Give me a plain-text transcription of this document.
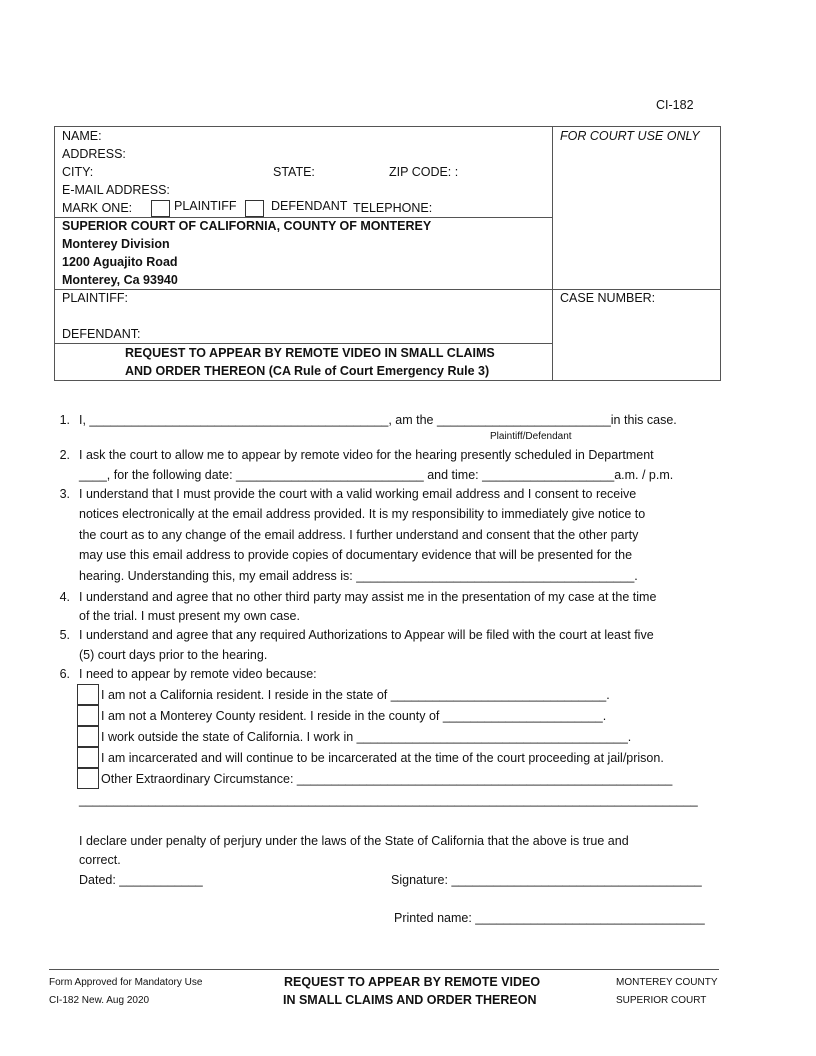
CI-182
NAME:
ADDRESS:
CITY:	STATE:	ZIP CODE: :
E-MAIL ADDRESS:
MARK ONE:	PLAINTIFF	DEFENDANT TELEPHONE:
FOR COURT USE ONLY
SUPERIOR COURT OF CALIFORNIA, COUNTY OF MONTEREY
Monterey Division
1200 Aguajito Road
Monterey, Ca 93940
PLAINTIFF:
DEFENDANT:
CASE NUMBER:
REQUEST TO APPEAR BY REMOTE VIDEO IN SMALL CLAIMS
AND ORDER THEREON (CA Rule of Court Emergency Rule 3)
1. I, ___________________________________________, am the _________________________in this case.
Plaintiff/Defendant
2. I ask the court to allow me to appear by remote video for the hearing presently scheduled in Department
____, for the following date: ___________________________ and time: ___________________a.m. / p.m.
3. I understand that I must provide the court with a valid working email address and I consent to receive
notices electronically at the email address provided. It is my responsibility to immediately give notice to
the court as to any change of the email address. I further understand and consent that the other party
may use this email address to provide copies of documentary evidence that will be presented for the
hearing. Understanding this, my email address is: ________________________________________.
4. I understand and agree that no other third party may assist me in the presentation of my case at the time
of the trial. I must present my own case.
5. I understand and agree that any required Authorizations to Appear will be filed with the court at least five
(5) court days prior to the hearing.
6. I need to appear by remote video because:
I am not a California resident. I reside in the state of _______________________________.
I am not a Monterey County resident. I reside in the county of _______________________.
I work outside the state of California. I work in _______________________________________.
I am incarcerated and will continue to be incarcerated at the time of the court proceeding at jail/prison.
Other Extraordinary Circumstance: ______________________________________________________
_________________________________________________________________________________________
I declare under penalty of perjury under the laws of the State of California that the above is true and
correct.
Dated: ____________	Signature: ____________________________________
Printed name: _________________________________
Form Approved for Mandatory Use
CI-182 New. Aug 2020
REQUEST TO APPEAR BY REMOTE VIDEO
IN SMALL CLAIMS AND ORDER THEREON
MONTEREY COUNTY
SUPERIOR COURT
